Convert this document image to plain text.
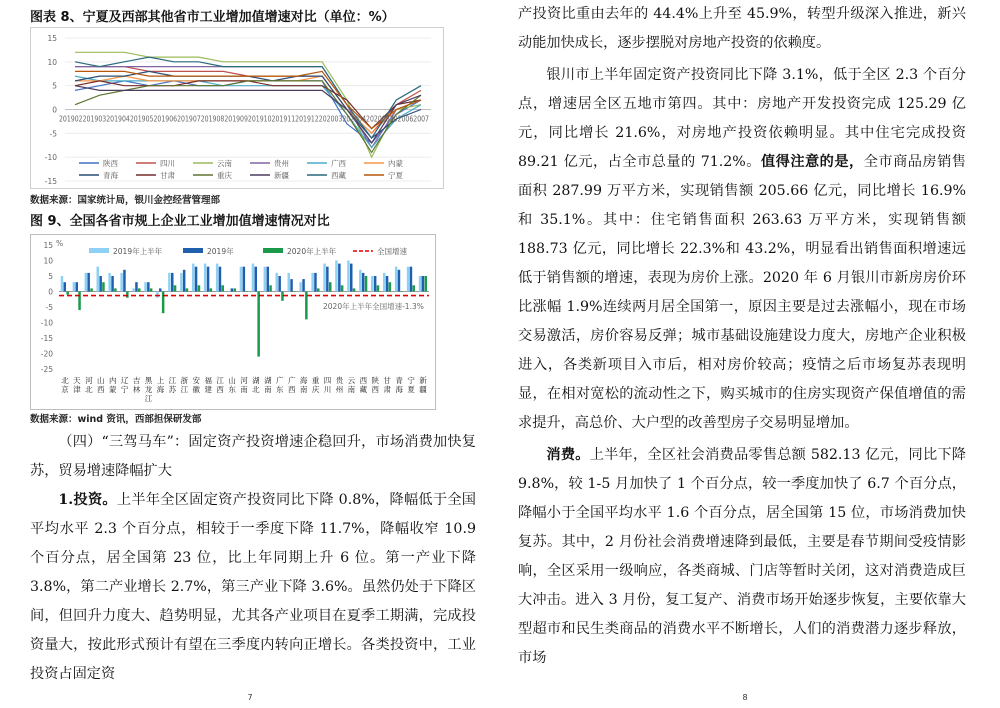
图表 8、宁夏及西部其他省市工业增加值增速对比（单位：%）
15
10
5
0
-5
-10
-15
2019022019032019042019052019062019072019082019092019102019112019122020032020042020052020062007
陕西	四川	云南	贵州	广西	内蒙
青海	甘肃	重庆	新疆	西藏	宁夏
数据来源：国家统计局，银川金控经营管理部
图 9、全国各省市规上企业工业增加值增速情况对比
15
10
5
0
-5
-10
-15
-20
-25
%
北京
天津
河北
山西
内蒙
辽宁
吉林
黑龙江
上海
江苏
浙江
安徽
福建
江西
山东
河南
湖北
湖南
广东
广西
海南
重庆
四川
贵州
云南
西藏
陕西
甘肃
青海
宁夏
新疆
2020年上半年全国增速-1.3%
2019年上半年	2019年	2020年上半年	全国增速
数据来源：wind 资讯，西部担保研发部

（四）“三驾马车”：固定资产投资增速企稳回升，市场消费加快复苏，贸易增速降幅扩大

1.投资。上半年全区固定资产投资同比下降 0.8%，降幅低于全国平均水平 2.3 个百分点，相较于一季度下降 11.7%，降幅收窄 10.9 个百分点，居全国第 23 位，比上年同期上升 6 位。第一产业下降 3.8%，第二产业增长 2.7%，第三产业下降 3.6%。虽然仍处于下降区间，但回升力度大、趋势明显，尤其各产业项目在夏季工期满，完成投资量大，按此形式预计有望在三季度内转向正增长。各类投资中，工业投资占固定资

7

产投资比重由去年的 44.4%上升至 45.9%，转型升级深入推进，新兴动能加快成长，逐步摆脱对房地产投资的依赖度。

银川市上半年固定资产投资同比下降 3.1%，低于全区 2.3 个百分点，增速居全区五地市第四。其中：房地产开发投资完成 125.29 亿元，同比增长 21.6%，对房地产投资依赖明显。其中住宅完成投资 89.21 亿元，占全市总量的 71.2%。值得注意的是，全市商品房销售面积 287.99 万平方米，实现销售额 205.66 亿元，同比增长 16.9%和 35.1%。其中：住宅销售面积 263.63 万平方米，实现销售额 188.73 亿元，同比增长 22.3%和 43.2%，明显看出销售面积增速远低于销售额的增速，表现为房价上涨。2020 年 6 月银川市新房房价环比涨幅 1.9%连续两月居全国第一，原因主要是过去涨幅小，现在市场交易激活，房价容易反弹；城市基础设施建设力度大，房地产企业积极进入，各类新项目入市后，相对房价较高；疫情之后市场复苏表现明显，在相对宽松的流动性之下，购买城市的住房实现资产保值增值的需求提升，高总价、大户型的改善型房子交易明显增加。

消费。上半年，全区社会消费品零售总额 582.13 亿元，同比下降 9.8%，较 1-5 月加快了 1 个百分点，较一季度加快了 6.7 个百分点，降幅小于全国平均水平 1.6 个百分点，居全国第 15 位，市场消费加快复苏。其中，2 月份社会消费增速降到最低，主要是春节期间受疫情影响，全区采用一级响应，各类商城、门店等暂时关闭，这对消费造成巨大冲击。进入 3 月份，复工复产、消费市场开始逐步恢复，主要依靠大型超市和民生类商品的消费水平不断增长，人们的消费潜力逐步释放，市场

8
